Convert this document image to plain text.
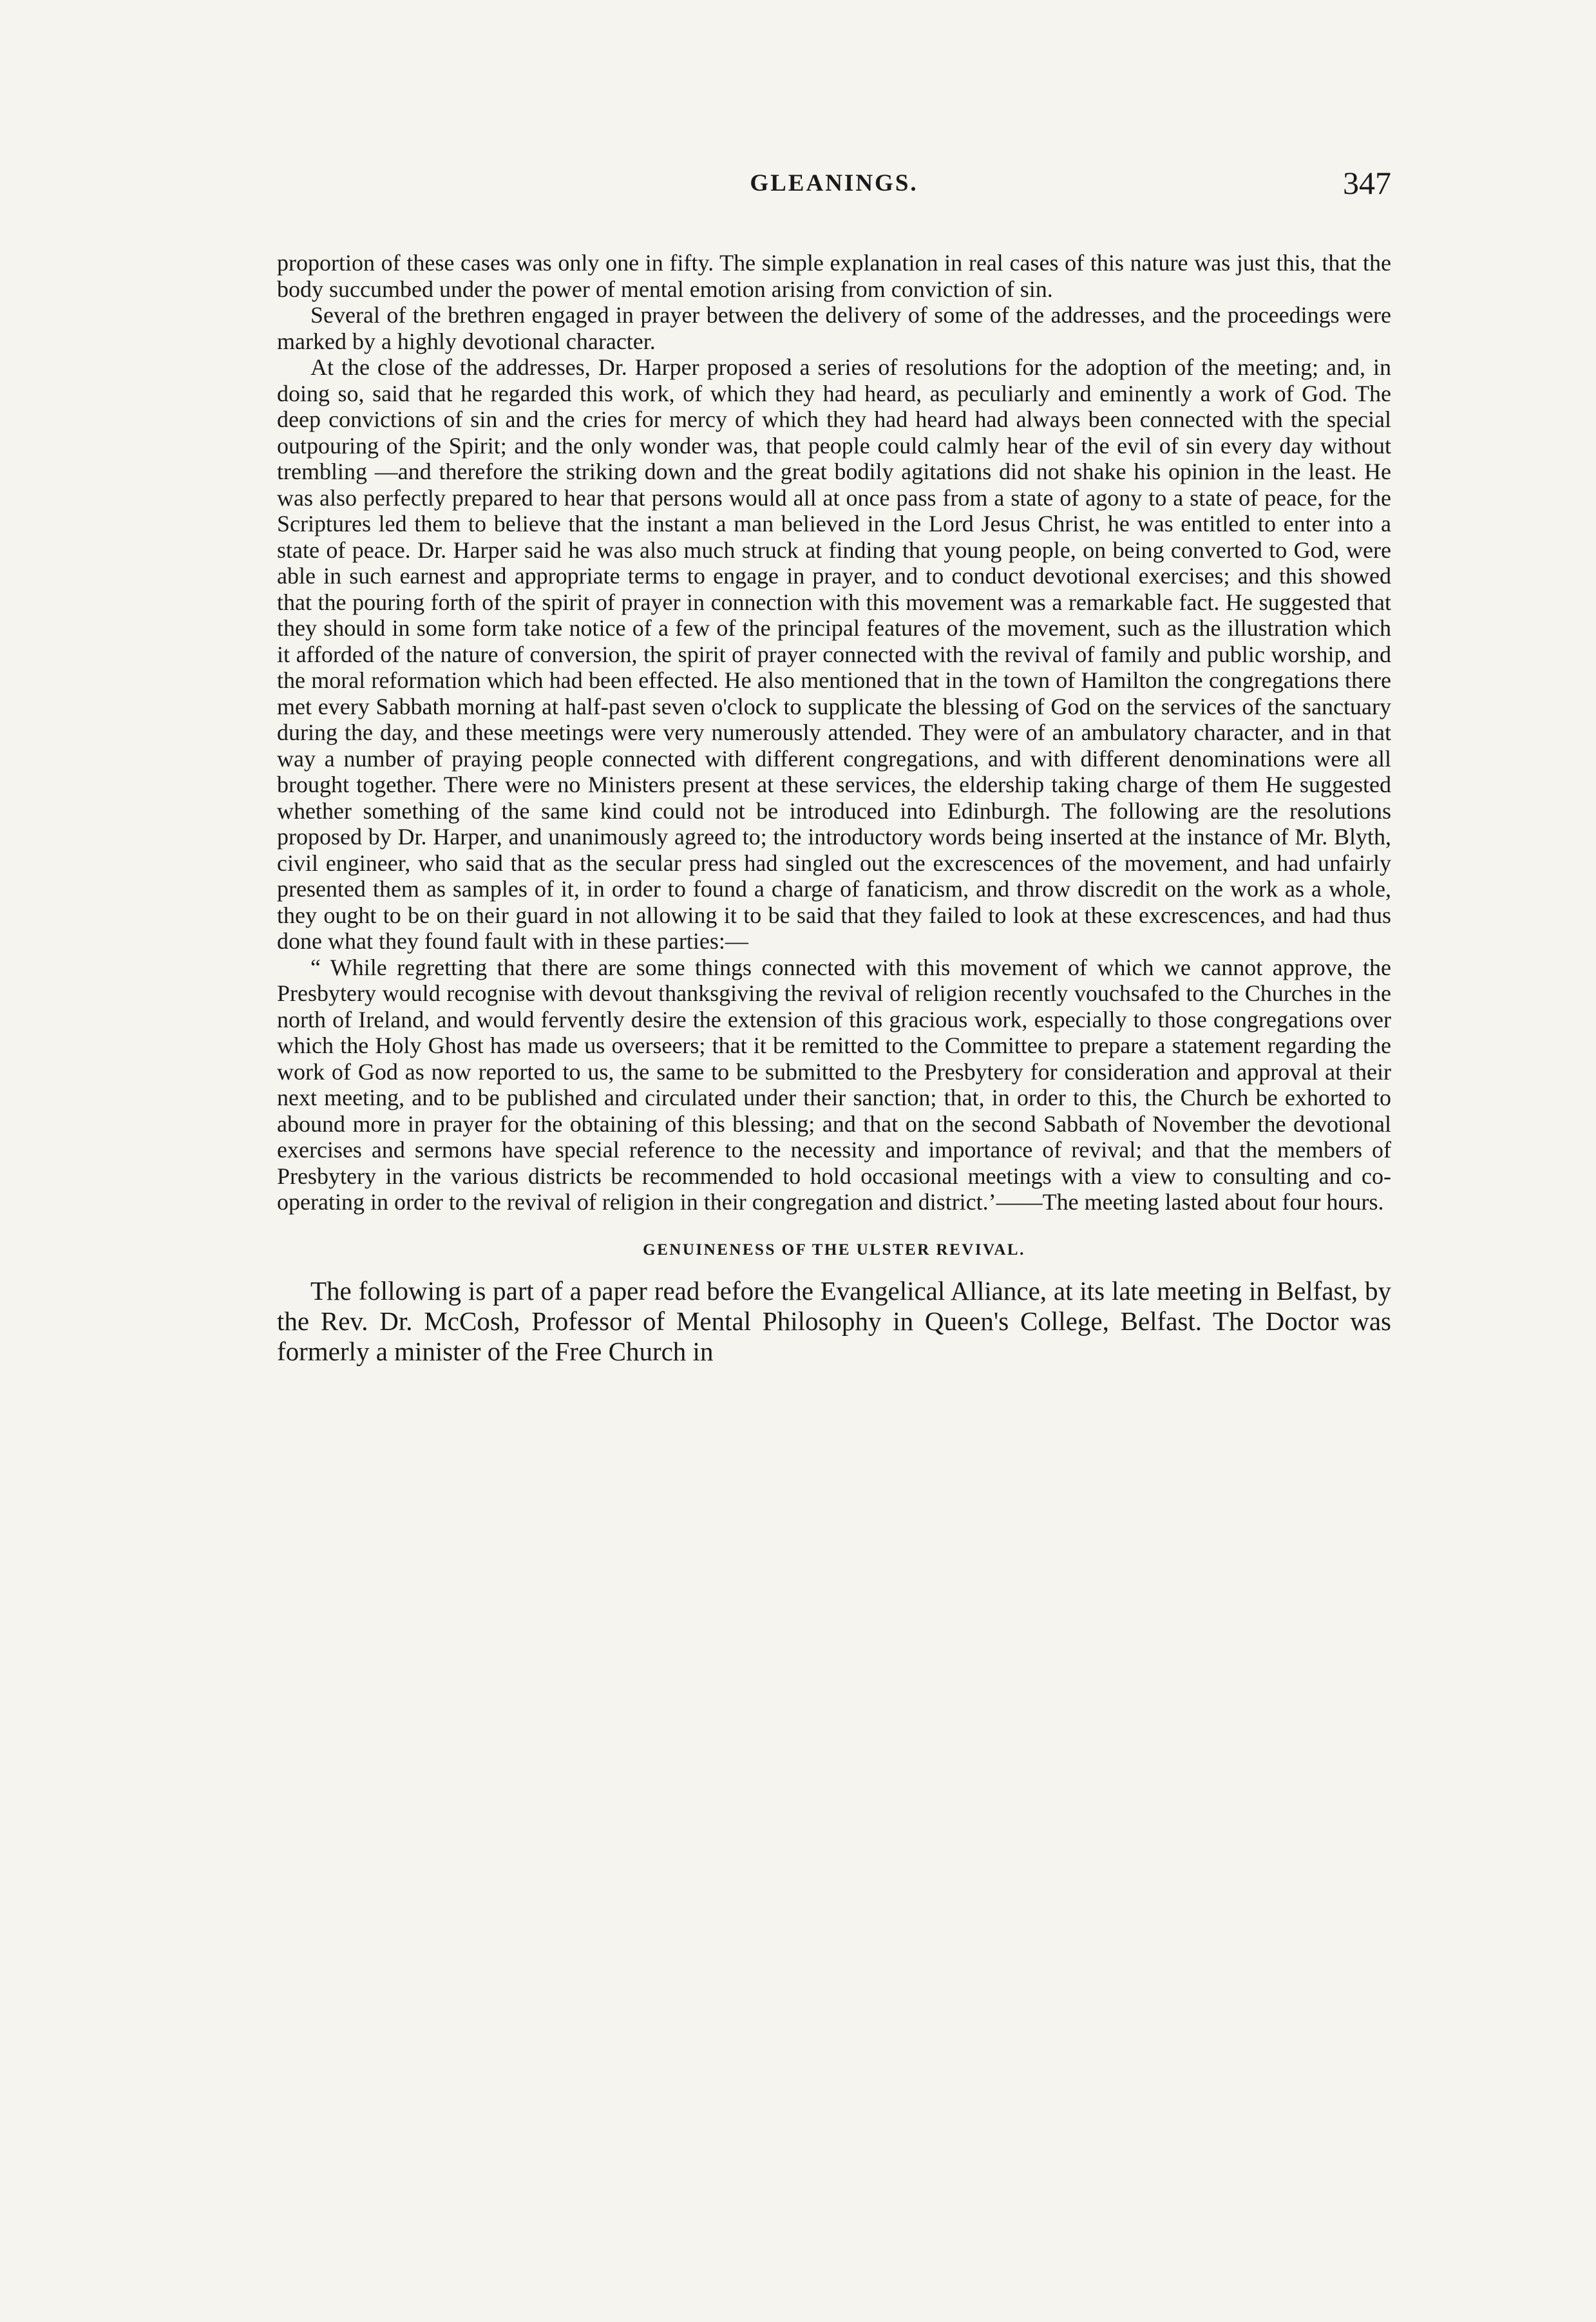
GLEANINGS.	347

proportion of these cases was only one in fifty. The simple explanation in real cases of this nature was just this, that the body succumbed under the power of mental emotion arising from conviction of sin.

Several of the brethren engaged in prayer between the delivery of some of the addresses, and the proceedings were marked by a highly devotional character.

At the close of the addresses, Dr. Harper proposed a series of resolutions for the adoption of the meeting; and, in doing so, said that he regarded this work, of which they had heard, as peculiarly and eminently a work of God. The deep convictions of sin and the cries for mercy of which they had heard had always been connected with the special outpouring of the Spirit; and the only wonder was, that people could calmly hear of the evil of sin every day without trembling —and therefore the striking down and the great bodily agitations did not shake his opinion in the least. He was also perfectly prepared to hear that persons would all at once pass from a state of agony to a state of peace, for the Scriptures led them to believe that the instant a man believed in the Lord Jesus Christ, he was entitled to enter into a state of peace. Dr. Harper said he was also much struck at finding that young people, on being converted to God, were able in such earnest and appropriate terms to engage in prayer, and to conduct devotional exercises; and this showed that the pouring forth of the spirit of prayer in connection with this movement was a remarkable fact. He suggested that they should in some form take notice of a few of the principal features of the movement, such as the illustration which it afforded of the nature of conversion, the spirit of prayer connected with the revival of family and public worship, and the moral reformation which had been effected. He also mentioned that in the town of Hamilton the congregations there met every Sabbath morning at half-past seven o'clock to supplicate the blessing of God on the services of the sanctuary during the day, and these meetings were very numerously attended. They were of an ambulatory character, and in that way a number of praying people connected with different congregations, and with different denominations were all brought together. There were no Ministers present at these services, the eldership taking charge of them He suggested whether something of the same kind could not be introduced into Edinburgh. The following are the resolutions proposed by Dr. Harper, and unanimously agreed to; the introductory words being inserted at the instance of Mr. Blyth, civil engineer, who said that as the secular press had singled out the excrescences of the movement, and had unfairly presented them as samples of it, in order to found a charge of fanaticism, and throw discredit on the work as a whole, they ought to be on their guard in not allowing it to be said that they failed to look at these excrescences, and had thus done what they found fault with in these parties:—

“ While regretting that there are some things connected with this movement of which we cannot approve, the Presbytery would recognise with devout thanksgiving the revival of religion recently vouchsafed to the Churches in the north of Ireland, and would fervently desire the extension of this gracious work, especially to those congregations over which the Holy Ghost has made us overseers; that it be remitted to the Committee to prepare a statement regarding the work of God as now reported to us, the same to be submitted to the Presbytery for consideration and approval at their next meeting, and to be published and circulated under their sanction; that, in order to this, the Church be exhorted to abound more in prayer for the obtaining of this blessing; and that on the second Sabbath of November the devotional exercises and sermons have special reference to the necessity and importance of revival; and that the members of Presbytery in the various districts be recommended to hold occasional meetings with a view to consulting and co-operating in order to the revival of religion in their congregation and district.’——The meeting lasted about four hours.

GENUINENESS OF THE ULSTER REVIVAL.

The following is part of a paper read before the Evangelical Alliance, at its late meeting in Belfast, by the Rev. Dr. McCosh, Professor of Mental Philosophy in Queen's College, Belfast. The Doctor was formerly a minister of the Free Church in
